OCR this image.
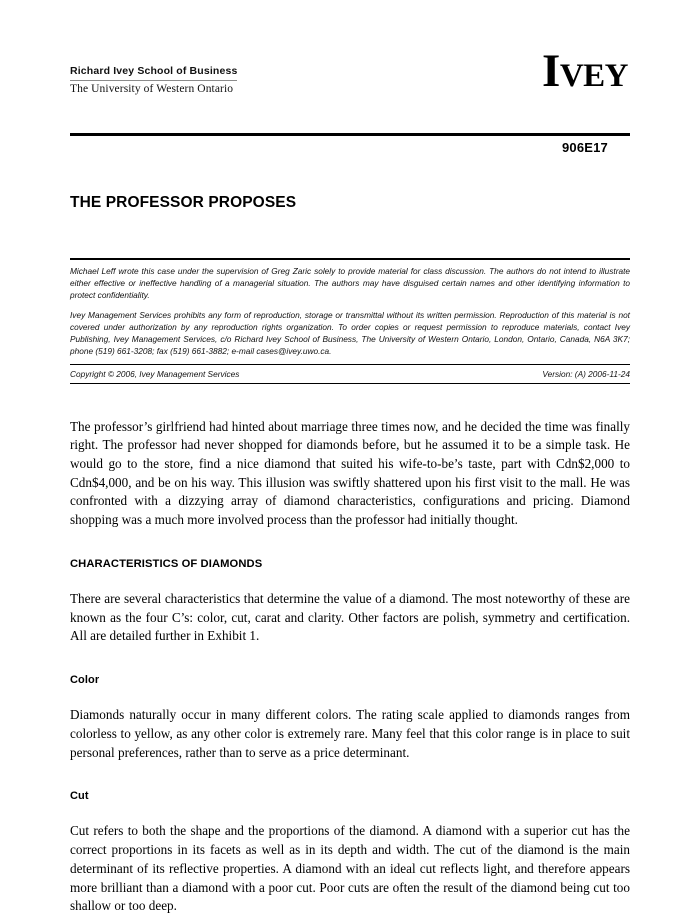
Richard Ivey School of Business
The University of Western Ontario	ivey
906E17
THE PROFESSOR PROPOSES

Michael Leff wrote this case under the supervision of Greg Zaric solely to provide material for class discussion. The authors do not intend to illustrate either effective or ineffective handling of a managerial situation. The authors may have disguised certain names and other identifying information to protect confidentiality.

Ivey Management Services prohibits any form of reproduction, storage or transmittal without its written permission. Reproduction of this material is not covered under authorization by any reproduction rights organization. To order copies or request permission to reproduce materials, contact Ivey Publishing, Ivey Management Services, c/o Richard Ivey School of Business, The University of Western Ontario, London, Ontario, Canada, N6A 3K7; phone (519) 661-3208; fax (519) 661-3882; e-mail cases@ivey.uwo.ca.

Copyright © 2006, Ivey Management Services	Version: (A) 2006-11-24

The professor’s girlfriend had hinted about marriage three times now, and he decided the time was finally right. The professor had never shopped for diamonds before, but he assumed it to be a simple task. He would go to the store, find a nice diamond that suited his wife-to-be’s taste, part with Cdn$2,000 to Cdn$4,000, and be on his way. This illusion was swiftly shattered upon his first visit to the mall. He was confronted with a dizzying array of diamond characteristics, configurations and pricing. Diamond shopping was a much more involved process than the professor had initially thought.

CHARACTERISTICS OF DIAMONDS

There are several characteristics that determine the value of a diamond. The most noteworthy of these are known as the four C’s: color, cut, carat and clarity. Other factors are polish, symmetry and certification. All are detailed further in Exhibit 1.

Color

Diamonds naturally occur in many different colors. The rating scale applied to diamonds ranges from colorless to yellow, as any other color is extremely rare. Many feel that this color range is in place to suit personal preferences, rather than to serve as a price determinant.

Cut

Cut refers to both the shape and the proportions of the diamond. A diamond with a superior cut has the correct proportions in its facets as well as in its depth and width. The cut of the diamond is the main determinant of its reflective properties. A diamond with an ideal cut reflects light, and therefore appears more brilliant than a diamond with a poor cut. Poor cuts are often the result of the diamond being cut too shallow or too deep.
